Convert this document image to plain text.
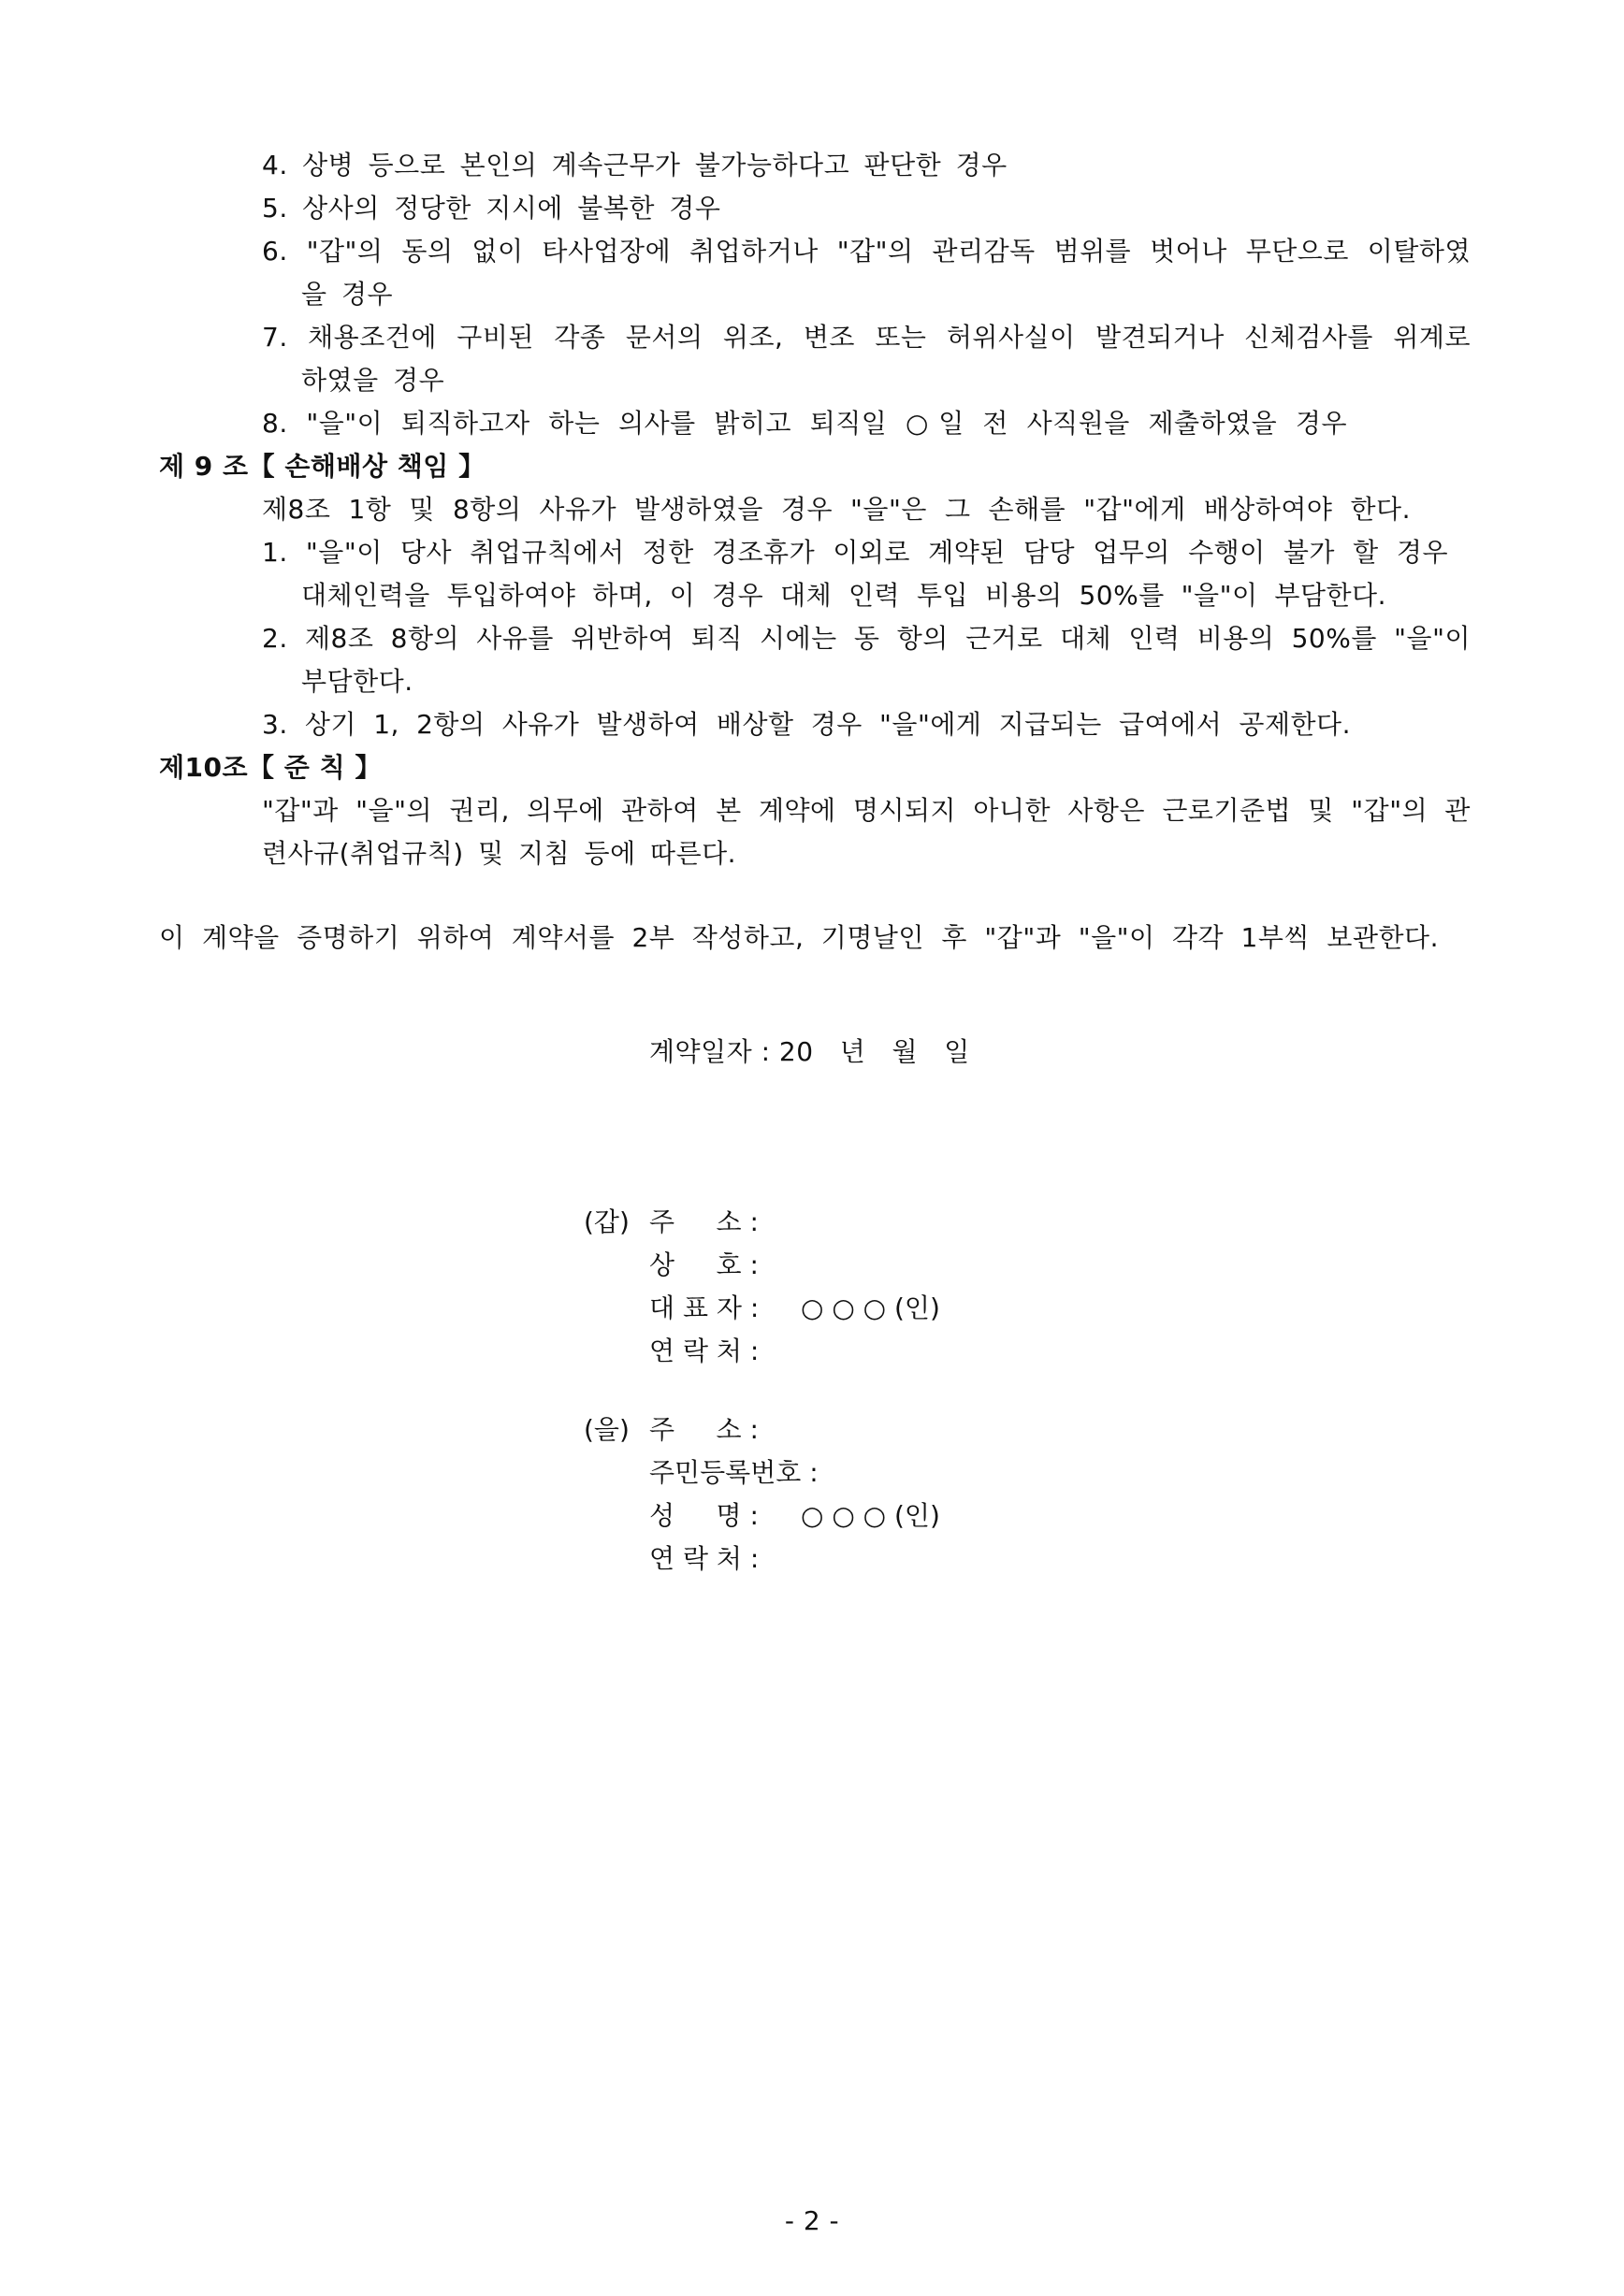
4. 상병 등으로 본인의 계속근무가 불가능하다고 판단한 경우
5. 상사의 정당한 지시에 불복한 경우
6. "갑"의 동의 없이 타사업장에 취업하거나 "갑"의 관리감독 범위를 벗어나 무단으로 이탈하였
을 경우
7. 채용조건에 구비된 각종 문서의 위조, 변조 또는 허위사실이 발견되거나 신체검사를 위계로
하였을 경우
8. "을"이 퇴직하고자 하는 의사를 밝히고 퇴직일 ○일 전 사직원을 제출하였을 경우
제 9 조【 손해배상 책임 】
제8조 1항 및 8항의 사유가 발생하였을 경우 "을"은 그 손해를 "갑"에게 배상하여야 한다.
1. "을"이 당사 취업규칙에서 정한 경조휴가 이외로 계약된 담당 업무의 수행이 불가 할 경우
대체인력을 투입하여야 하며, 이 경우 대체 인력 투입 비용의 50%를 "을"이 부담한다.
2. 제8조 8항의 사유를 위반하여 퇴직 시에는 동 항의 근거로 대체 인력 비용의 50%를 "을"이
부담한다.
3. 상기 1, 2항의 사유가 발생하여 배상할 경우 "을"에게 지급되는 급여에서 공제한다.
제10조【 준 칙 】
"갑"과 "을"의 권리, 의무에 관하여 본 계약에 명시되지 아니한 사항은 근로기준법 및 "갑"의 관
련사규(취업규칙) 및 지침 등에 따른다.
이 계약을 증명하기 위하여 계약서를 2부 작성하고, 기명날인 후 "갑"과 "을"이 각각 1부씩 보관한다.
계약일자 : 20   년   월   일
(갑) 주     소 :
상     호 :
대 표 자 : ○ ○ ○ (인)
연 락 처 :
(을) 주     소 :
주민등록번호 :
성     명 : ○ ○ ○ (인)
연 락 처 :
- 2 -
